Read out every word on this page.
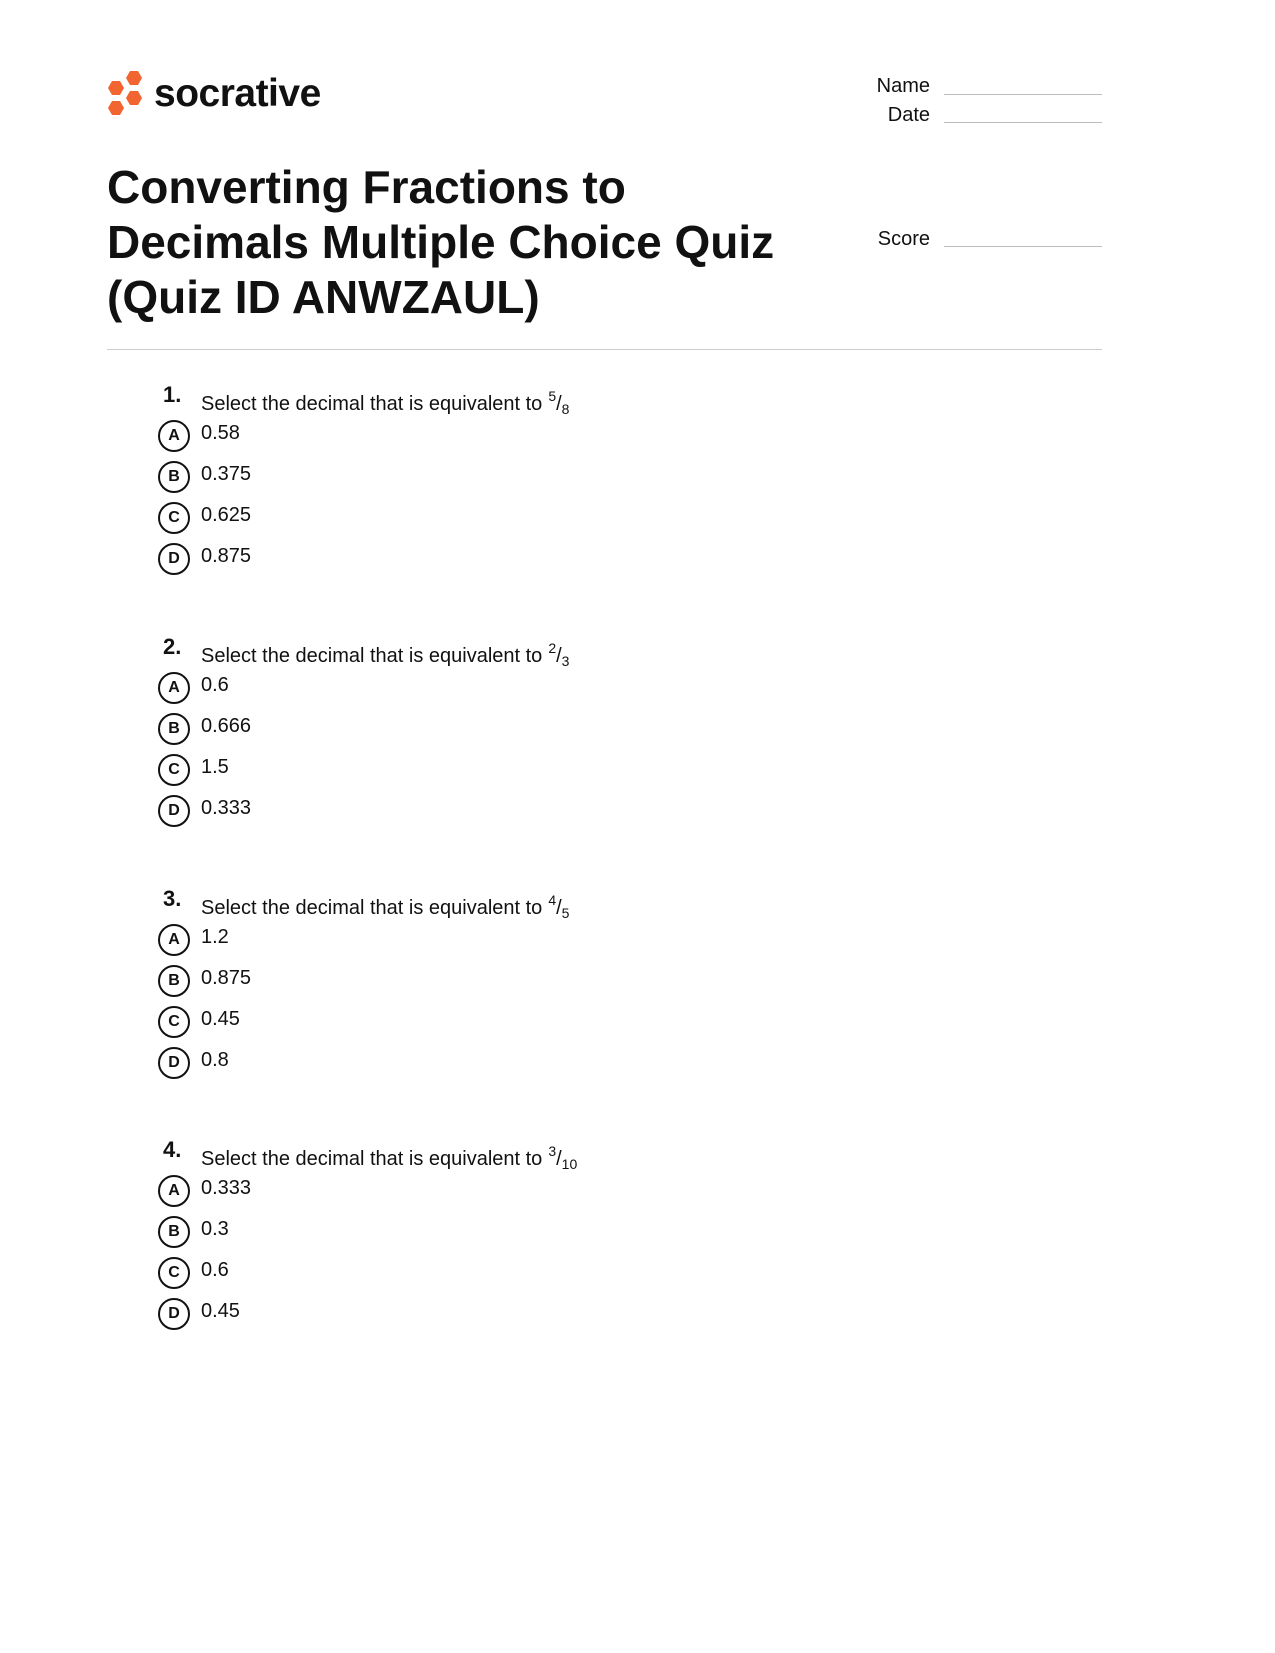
socrative	Name
Date
Score
Converting Fractions to Decimals Multiple Choice Quiz (Quiz ID ANWZAUL)
1. Select the decimal that is equivalent to $^5/_8$
A	0.58
B	0.375
C	0.625
D	0.875
2. Select the decimal that is equivalent to $^2/_3$
A	0.6
B	0.666
C	1.5
D	0.333
3. Select the decimal that is equivalent to $^4/_5$
A	1.2
B	0.875
C	0.45
D	0.8
4. Select the decimal that is equivalent to $^3/_{10}$
A	0.333
B	0.3
C	0.6
D	0.45
